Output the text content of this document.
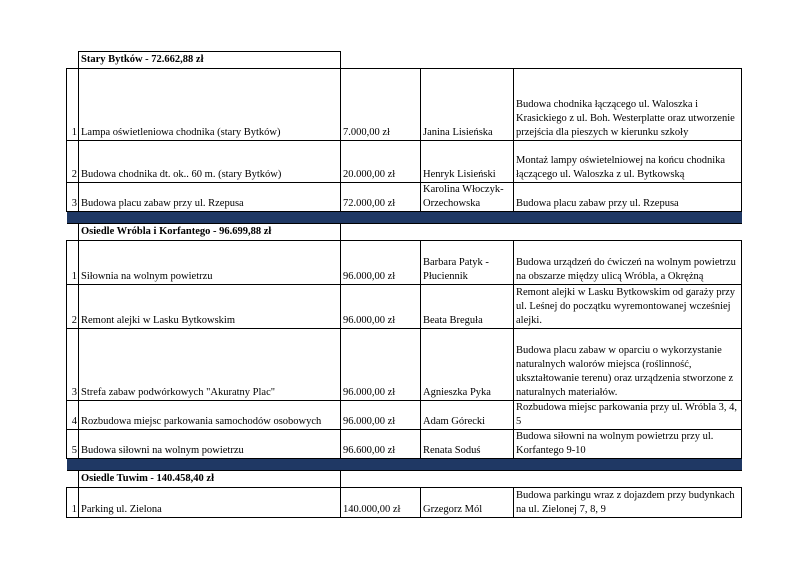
	Stary Bytków - 72.662,88 zł			
1	Lampa oświetleniowa chodnika (stary Bytków)	7.000,00 zł	Janina Lisieńska	Budowa chodnika łączącego ul. Waloszka i Krasickiego z ul. Boh. Westerplatte oraz utworzenie przejścia dla pieszych w kierunku szkoły
2	Budowa chodnika dt. ok.. 60 m. (stary Bytków)	20.000,00 zł	Henryk Lisieński	Montaż lampy oświetelniowej na końcu chodnika łączącego ul. Waloszka z ul. Bytkowską
3	Budowa placu zabaw przy ul. Rzepusa	72.000,00 zł	Karolina Włoczyk-Orzechowska	Budowa placu zabaw przy ul. Rzepusa

	Osiedle Wróbla i Korfantego - 96.699,88 zł			
1	Siłownia na wolnym powietrzu	96.000,00 zł	Barbara Patyk - Płuciennik	Budowa urządzeń do ćwiczeń na wolnym powietrzu na obszarze między ulicą Wróbla, a Okrężną
2	Remont alejki w Lasku Bytkowskim	96.000,00 zł	Beata Breguła	Remont alejki w Lasku Bytkowskim od garaży przy ul. Leśnej do początku wyremontowanej wcześniej alejki.
3	Strefa zabaw podwórkowych "Akuratny Plac"	96.000,00 zł	Agnieszka Pyka	Budowa placu zabaw w oparciu o wykorzystanie naturalnych walorów miejsca (roślinność, ukształtowanie terenu) oraz urządzenia stworzone z naturalnych materiałów.
4	Rozbudowa miejsc parkowania samochodów osobowych	96.000,00 zł	Adam Górecki	Rozbudowa miejsc parkowania przy ul. Wróbla 3, 4, 5
5	Budowa siłowni na wolnym powietrzu	96.600,00 zł	Renata Soduś	Budowa siłowni na wolnym powietrzu przy ul. Korfantego 9-10

	Osiedle Tuwim - 140.458,40 zł			
1	Parking ul. Zielona	140.000,00 zł	Grzegorz Mól	Budowa parkingu wraz z dojazdem przy budynkach na ul. Zielonej 7, 8, 9
